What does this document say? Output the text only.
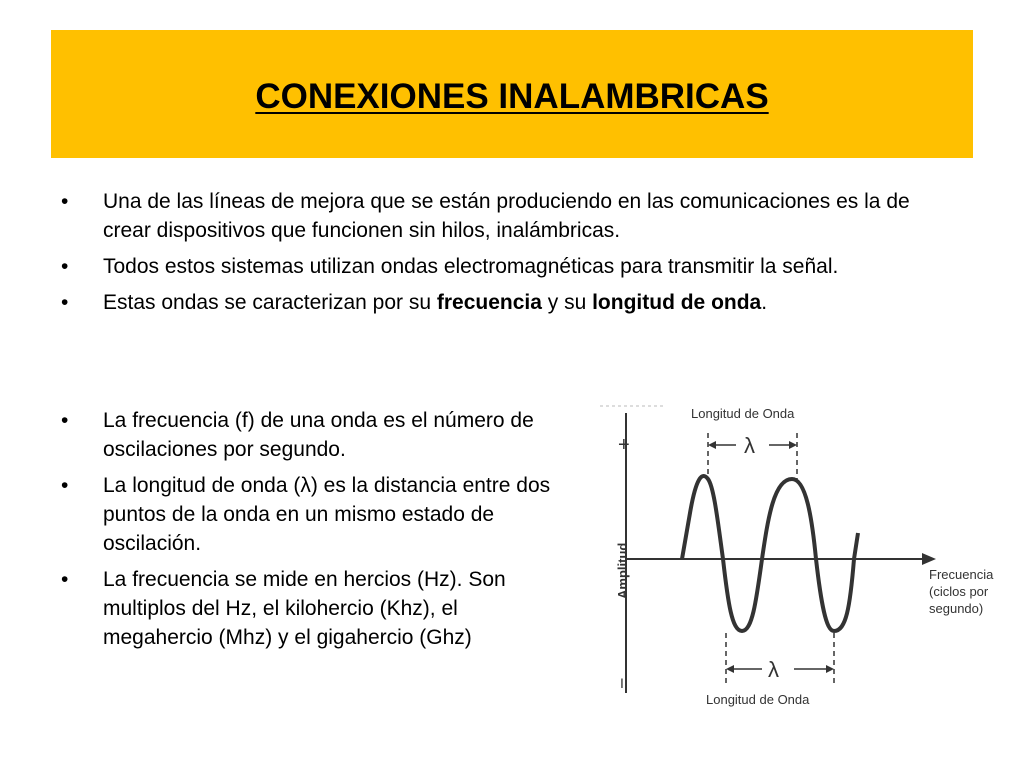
CONEXIONES INALAMBRICAS
• Una de las líneas de mejora que se están produciendo en las comunicaciones es la de crear dispositivos que funcionen sin hilos, inalámbricas.
• Todos estos sistemas utilizan ondas electromagnéticas para transmitir la señal.
• Estas ondas se caracterizan por su frecuencia y su longitud de onda.
• La frecuencia (f) de una onda es el número de oscilaciones por segundo.
• La longitud de onda (λ) es la distancia entre dos puntos de la onda en un mismo estado de oscilación.
• La frecuencia se mide en hercios (Hz). Son multiplos del Hz, el kilohercio (Khz), el megahercio (Mhz) y el gigahercio (Ghz)
+
I
Amplitud	Frecuencia (ciclos por segundo)
λ
Longitud de Onda
λ
Longitud de Onda
